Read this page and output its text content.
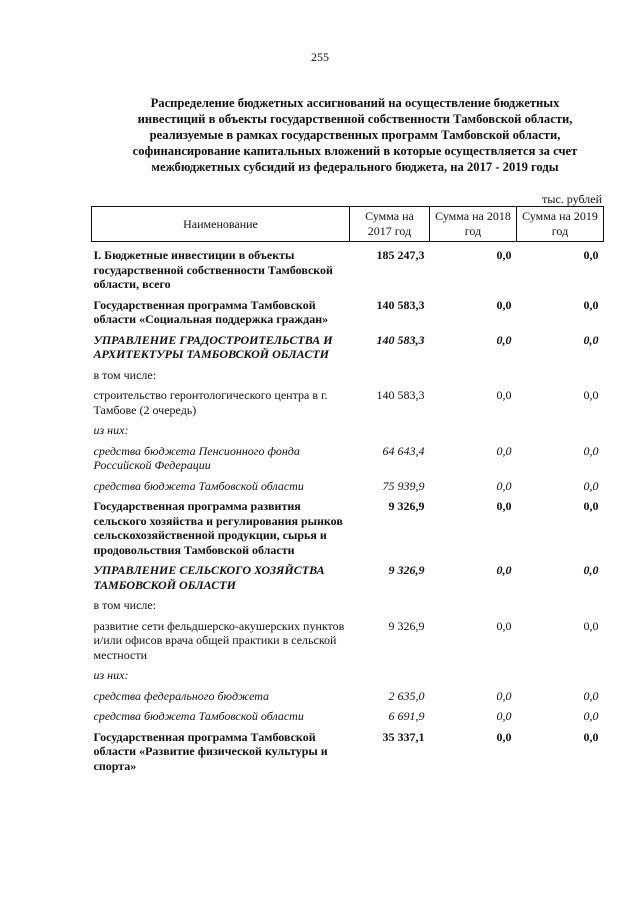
255
Распределение бюджетных ассигнований на осуществление бюджетных
инвестиций в объекты государственной собственности Тамбовской области,
реализуемые в рамках государственных программ Тамбовской области,
софинансирование капитальных вложений в которые осуществляется за счет
межбюджетных субсидий из федерального бюджета, на 2017 - 2019 годы
тыс. рублей
Наименование	Сумма на 2017 год	Сумма на 2018 год	Сумма на 2019 год
I. Бюджетные инвестиции в объекты государственной собственности Тамбовской области, всего	185 247,3	0,0	0,0
Государственная программа Тамбовской области «Социальная поддержка граждан»	140 583,3	0,0	0,0
УПРАВЛЕНИЕ ГРАДОСТРОИТЕЛЬСТВА И АРХИТЕКТУРЫ ТАМБОВСКОЙ ОБЛАСТИ	140 583,3	0,0	0,0
в том числе:			
строительство геронтологического центра в г. Тамбове (2 очередь)	140 583,3	0,0	0,0
из них:			
средства бюджета Пенсионного фонда Российской Федерации	64 643,4	0,0	0,0
средства бюджета Тамбовской области	75 939,9	0,0	0,0
Государственная программа развития сельского хозяйства и регулирования рынков сельскохозяйственной продукции, сырья и продовольствия Тамбовской области	9 326,9	0,0	0,0
УПРАВЛЕНИЕ СЕЛЬСКОГО ХОЗЯЙСТВА ТАМБОВСКОЙ ОБЛАСТИ	9 326,9	0,0	0,0
в том числе:			
развитие сети фельдшерско-акушерских пунктов и/или офисов врача общей практики в сельской местности	9 326,9	0,0	0,0
из них:			
средства федерального бюджета	2 635,0	0,0	0,0
средства бюджета Тамбовской области	6 691,9	0,0	0,0
Государственная программа Тамбовской области «Развитие физической культуры и спорта»	35 337,1	0,0	0,0
